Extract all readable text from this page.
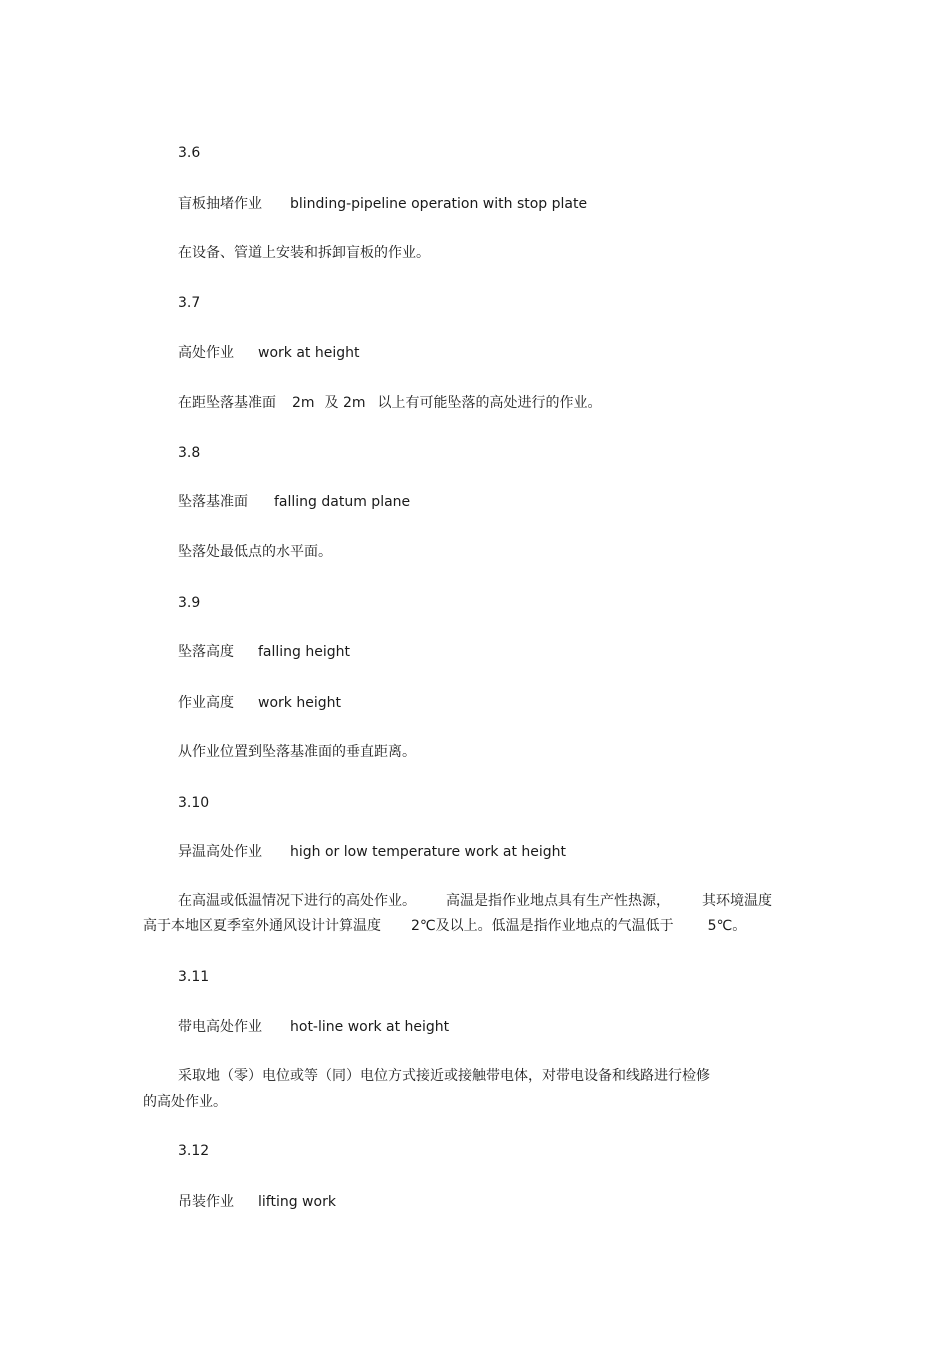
3.6
盲板抽堵作业 blinding-pipeline operation with stop plate
在设备、管道上安装和拆卸盲板的作业。
3.7
高处作业 work at height
在距坠落基准面 2m 及 2m 以上有可能坠落的高处进行的作业。
3.8
坠落基准面 falling datum plane
坠落处最低点的水平面。
3.9
坠落高度 falling height
作业高度 work height
从作业位置到坠落基准面的垂直距离。
3.10
异温高处作业 high or low temperature work at height
在高温或低温情况下进行的高处作业。 高温是指作业地点具有生产性热源， 其环境温度
高于本地区夏季室外通风设计计算温度 2℃及以上。低温是指作业地点的气温低于 5℃。
3.11
带电高处作业 hot-line work at height
采取地（零）电位或等（同）电位方式接近或接触带电体，对带电设备和线路进行检修
的高处作业。
3.12
吊装作业 lifting work
